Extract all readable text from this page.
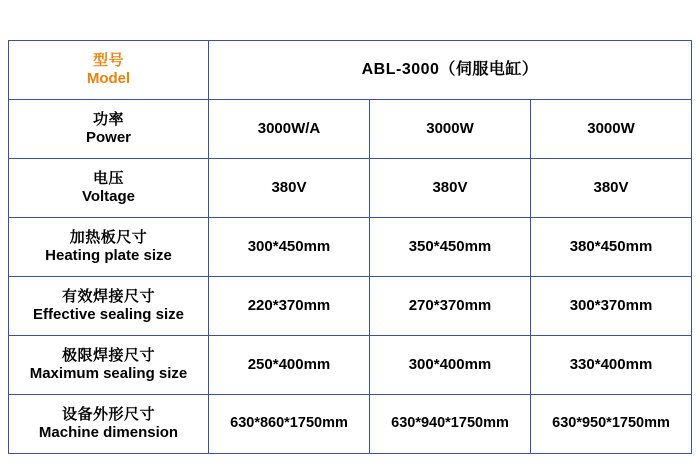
型号
Model	ABL-3000（伺服电缸）		

功率
Power	3000W/A	3000W	3000W

电压
Voltage	380V	380V	380V

加热板尺寸
Heating plate size	300*450mm	350*450mm	380*450mm

有效焊接尺寸
Effective sealing size	220*370mm	270*370mm	300*370mm

极限焊接尺寸
Maximum sealing size	250*400mm	300*400mm	330*400mm

设备外形尺寸
Machine dimension	630*860*1750mm	630*940*1750mm	630*950*1750mm
